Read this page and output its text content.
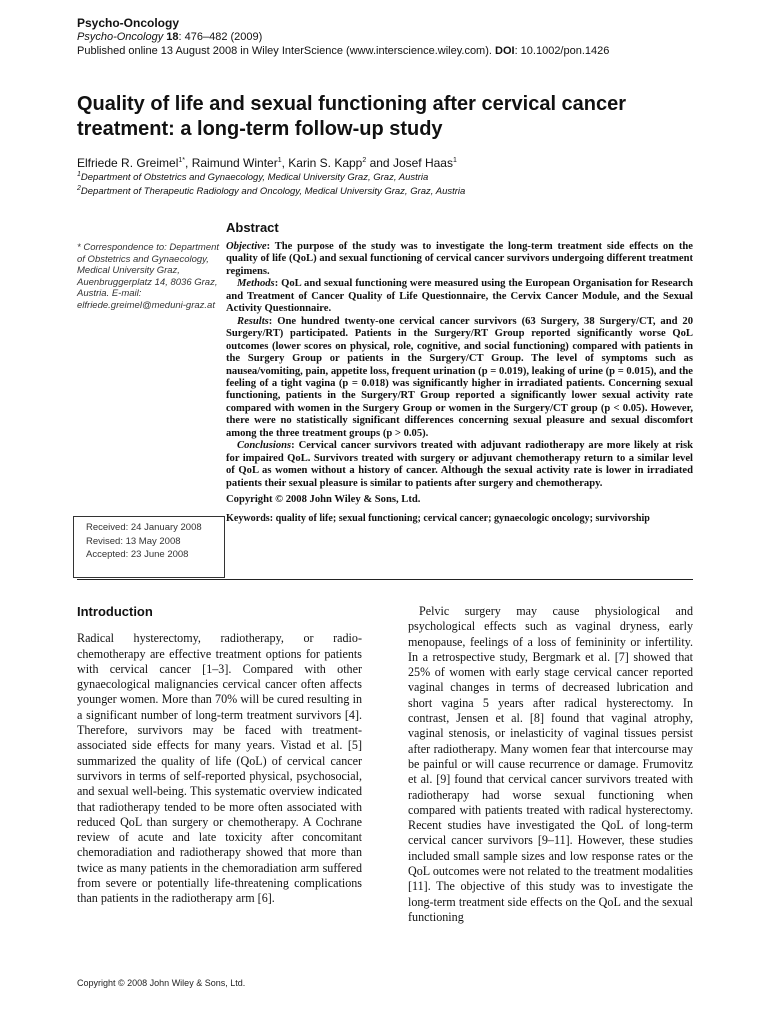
Psycho-Oncology
Psycho-Oncology 18: 476–482 (2009)
Published online 13 August 2008 in Wiley InterScience (www.interscience.wiley.com). DOI: 10.1002/pon.1426
Quality of life and sexual functioning after cervical cancer treatment: a long-term follow-up study
Elfriede R. Greimel$^{1*}$, Raimund Winter$^1$, Karin S. Kapp$^2$ and Josef Haas$^1$
$^1$Department of Obstetrics and Gynaecology, Medical University Graz, Graz, Austria
$^2$Department of Therapeutic Radiology and Oncology, Medical University Graz, Graz, Austria
* Correspondence to: Department of Obstetrics and Gynaecology, Medical University Graz, Auenbruggerplatz 14, 8036 Graz, Austria. E-mail: elfriede.greimel@meduni-graz.at
Received: 24 January 2008
Revised: 13 May 2008
Accepted: 23 June 2008
Abstract

Objective: The purpose of the study was to investigate the long-term treatment side effects on the quality of life (QoL) and sexual functioning of cervical cancer survivors undergoing different treatment regimens.

Methods: QoL and sexual functioning were measured using the European Organisation for Research and Treatment of Cancer Quality of Life Questionnaire, the Cervix Cancer Module, and the Sexual Activity Questionnaire.

Results: One hundred twenty-one cervical cancer survivors (63 Surgery, 38 Surgery/CT, and 20 Surgery/RT) participated. Patients in the Surgery/RT Group reported significantly worse QoL outcomes (lower scores on physical, role, cognitive, and social functioning) compared with patients in the Surgery Group or patients in the Surgery/CT Group. The level of symptoms such as nausea/vomiting, pain, appetite loss, frequent urination (p = 0.019), leaking of urine (p = 0.015), and the feeling of a tight vagina (p = 0.018) was significantly higher in irradiated patients. Concerning sexual functioning, patients in the Surgery/RT Group reported a significantly lower sexual activity rate compared with women in the Surgery Group or women in the Surgery/CT group (p < 0.05). However, there were no statistically significant differences concerning sexual pleasure and sexual discomfort among the three treatment groups (p > 0.05).

Conclusions: Cervical cancer survivors treated with adjuvant radiotherapy are more likely at risk for impaired QoL. Survivors treated with surgery or adjuvant chemotherapy return to a similar level of QoL as women without a history of cancer. Although the sexual activity rate is lower in irradiated patients their sexual pleasure is similar to patients after surgery and chemotherapy.

Copyright © 2008 John Wiley & Sons, Ltd.
Keywords: quality of life; sexual functioning; cervical cancer; gynaecologic oncology; survivorship
Introduction

Radical hysterectomy, radiotherapy, or radio-chemotherapy are effective treatment options for patients with cervical cancer [1–3]. Compared with other gynaecological malignancies cervical cancer often affects younger women. More than 70% will be cured resulting in a significant number of long-term treatment survivors [4]. Therefore, survivors may be faced with treatment-associated side effects for many years. Vistad et al. [5] summarized the quality of life (QoL) of cervical cancer survivors in terms of self-reported physical, psychosocial, and sexual well-being. This systematic overview indicated that radiotherapy tended to be more often associated with reduced QoL than surgery or chemotherapy. A Cochrane review of acute and late toxicity after concomitant chemoradiation and radiotherapy showed that more than twice as many patients in the chemoradiation arm suffered from severe or potentially life-threatening complications than patients in the radiotherapy arm [6].

Pelvic surgery may cause physiological and psychological effects such as vaginal dryness, early menopause, feelings of a loss of femininity or infertility. In a retrospective study, Bergmark et al. [7] showed that 25% of women with early stage cervical cancer reported vaginal changes in terms of decreased lubrication and short vagina 5 years after radical hysterectomy. In contrast, Jensen et al. [8] found that vaginal atrophy, vaginal stenosis, or inelasticity of vaginal tissues persist after radiotherapy. Many women fear that intercourse may be painful or will cause recurrence or damage. Frumovitz et al. [9] found that cervical cancer survivors treated with radiotherapy had worse sexual functioning when compared with patients treated with radical hysterectomy. Recent studies have investigated the QoL of long-term cervical cancer survivors [9–11]. However, these studies included small sample sizes and low response rates or the QoL outcomes were not related to the treatment modalities [11]. The objective of this study was to investigate the long-term treatment side effects on the QoL and the sexual functioning

Copyright © 2008 John Wiley & Sons, Ltd.
